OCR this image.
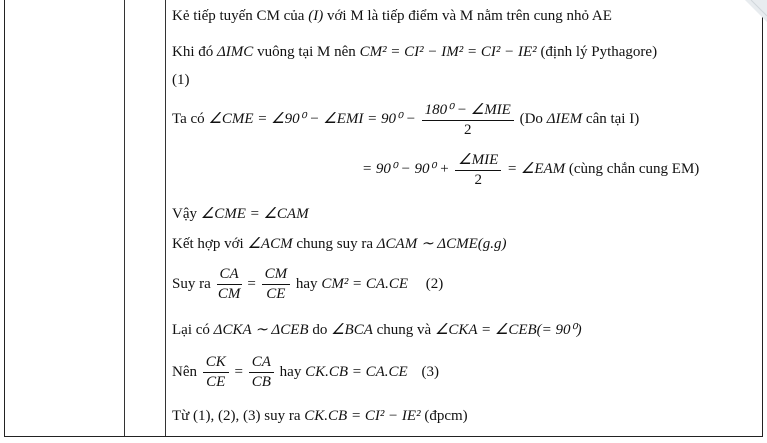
Kẻ tiếp tuyến CM của (I) với M là tiếp điểm và M nằm trên cung nhỏ AE
Khi đó ΔIMC vuông tại M nên CM² = CI² − IM² = CI² − IE² (định lý Pythagore)
(1)
Ta có ∠CME = ∠90⁰ − ∠EMI = $90^0 - \frac{\text{180⁰ − ∠MIE}}{2} (Do$ ΔIEM cân tại I)
= $90^0 - 90^0 + \frac{\text{∠MIE}}{2}$ = ∠EAM (cùng chắn cung EM)
Vậy ∠CME = ∠CAM
Kết hợp với ∠ACM chung suy ra ΔCAM ∼ ΔCME(g.g)
Suy ra $\frac{CA}{CM} = \frac{CM}{CE}$ hay CM² = CA.CE (2)
Lại có ΔCKA ∼ ΔCEB do ∠BCA chung và ∠CKA = ∠CEB(= 90⁰)
Nên $\frac{CK}{CE} = \frac{CA}{CB}$ hay CK.CB = CA.CE (3)
Từ (1), (2), (3) suy ra CK.CB = CI² − IE² (đpcm)
